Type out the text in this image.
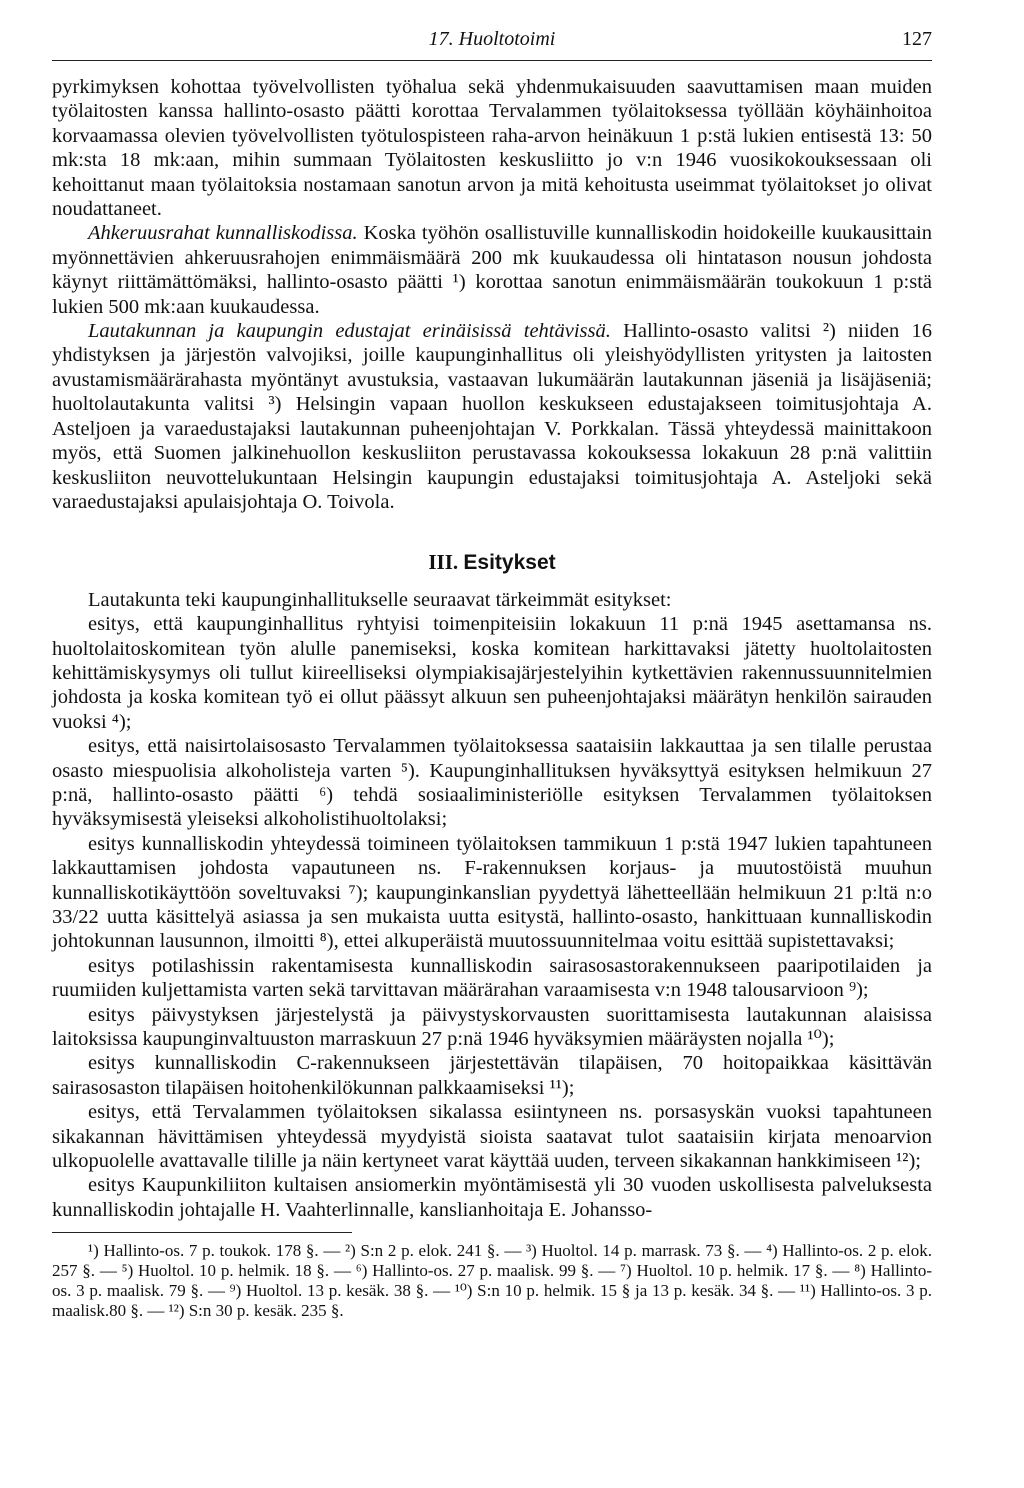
17. Huoltotoimi	127

pyrkimyksen kohottaa työvelvollisten työhalua sekä yhdenmukaisuuden saavuttamisen maan muiden työlaitosten kanssa hallinto-osasto päätti korottaa Tervalammen työlaitoksessa työllään köyhäinhoitoa korvaamassa olevien työvelvollisten työtulospisteen raha-arvon heinäkuun 1 p:stä lukien entisestä 13: 50 mk:sta 18 mk:aan, mihin summaan Työlaitosten keskusliitto jo v:n 1946 vuosikokouksessaan oli kehoittanut maan työlaitoksia nostamaan sanotun arvon ja mitä kehoitusta useimmat työlaitokset jo olivat noudattaneet.

Ahkeruusrahat kunnalliskodissa. Koska työhön osallistuville kunnalliskodin hoidokeille kuukausittain myönnettävien ahkeruusrahojen enimmäismäärä 200 mk kuukaudessa oli hintatason nousun johdosta käynyt riittämättömäksi, hallinto-osasto päätti ¹) korottaa sanotun enimmäismäärän toukokuun 1 p:stä lukien 500 mk:aan kuukaudessa.

Lautakunnan ja kaupungin edustajat erinäisissä tehtävissä. Hallinto-osasto valitsi ²) niiden 16 yhdistyksen ja järjestön valvojiksi, joille kaupunginhallitus oli yleishyödyllisten yritysten ja laitosten avustamismäärärahasta myöntänyt avustuksia, vastaavan lukumäärän lautakunnan jäseniä ja lisäjäseniä; huoltolautakunta valitsi ³) Helsingin vapaan huollon keskukseen edustajakseen toimitusjohtaja A. Asteljoen ja varaedustajaksi lautakunnan puheenjohtajan V. Porkkalan. Tässä yhteydessä mainittakoon myös, että Suomen jalkinehuollon keskusliiton perustavassa kokouksessa lokakuun 28 p:nä valittiin keskusliiton neuvottelukuntaan Helsingin kaupungin edustajaksi toimitusjohtaja A. Asteljoki sekä varaedustajaksi apulaisjohtaja O. Toivola.

III. Esitykset

Lautakunta teki kaupunginhallitukselle seuraavat tärkeimmät esitykset:

esitys, että kaupunginhallitus ryhtyisi toimenpiteisiin lokakuun 11 p:nä 1945 asettamansa ns. huoltolaitoskomitean työn alulle panemiseksi, koska komitean harkittavaksi jätetty huoltolaitosten kehittämiskysymys oli tullut kiireelliseksi olympiakisajärjestelyihin kytkettävien rakennussuunnitelmien johdosta ja koska komitean työ ei ollut päässyt alkuun sen puheenjohtajaksi määrätyn henkilön sairauden vuoksi ⁴);

esitys, että naisirtolaisosasto Tervalammen työlaitoksessa saataisiin lakkauttaa ja sen tilalle perustaa osasto miespuolisia alkoholisteja varten ⁵). Kaupunginhallituksen hyväksyttyä esityksen helmikuun 27 p:nä, hallinto-osasto päätti ⁶) tehdä sosiaaliministeriölle esityksen Tervalammen työlaitoksen hyväksymisestä yleiseksi alkoholistihuoltolaksi;

esitys kunnalliskodin yhteydessä toimineen työlaitoksen tammikuun 1 p:stä 1947 lukien tapahtuneen lakkauttamisen johdosta vapautuneen ns. F-rakennuksen korjaus- ja muutostöistä muuhun kunnalliskotikäyttöön soveltuvaksi ⁷); kaupunginkanslian pyydettyä lähetteellään helmikuun 21 p:ltä n:o 33/22 uutta käsittelyä asiassa ja sen mukaista uutta esitystä, hallinto-osasto, hankittuaan kunnalliskodin johtokunnan lausunnon, ilmoitti ⁸), ettei alkuperäistä muutossuunnitelmaa voitu esittää supistettavaksi;

esitys potilashissin rakentamisesta kunnalliskodin sairasosastorakennukseen paaripotilaiden ja ruumiiden kuljettamista varten sekä tarvittavan määrärahan varaamisesta v:n 1948 talousarvioon ⁹);

esitys päivystyksen järjestelystä ja päivystyskorvausten suorittamisesta lautakunnan alaisissa laitoksissa kaupunginvaltuuston marraskuun 27 p:nä 1946 hyväksymien määräysten nojalla ¹⁰);

esitys kunnalliskodin C-rakennukseen järjestettävän tilapäisen, 70 hoitopaikkaa käsittävän sairasosaston tilapäisen hoitohenkilökunnan palkkaamiseksi ¹¹);

esitys, että Tervalammen työlaitoksen sikalassa esiintyneen ns. porsasyskän vuoksi tapahtuneen sikakannan hävittämisen yhteydessä myydyistä sioista saatavat tulot saataisiin kirjata menoarvion ulkopuolelle avattavalle tilille ja näin kertyneet varat käyttää uuden, terveen sikakannan hankkimiseen ¹²);

esitys Kaupunkiliiton kultaisen ansiomerkin myöntämisestä yli 30 vuoden uskollisesta palveluksesta kunnalliskodin johtajalle H. Vaahterlinnalle, kanslianhoitaja E. Johansso-

¹) Hallinto-os. 7 p. toukok. 178 §. — ²) S:n 2 p. elok. 241 §. — ³) Huoltol. 14 p. marrask. 73 §. — ⁴) Hallinto-os. 2 p. elok. 257 §. — ⁵) Huoltol. 10 p. helmik. 18 §. — ⁶) Hallinto-os. 27 p. maalisk. 99 §. — ⁷) Huoltol. 10 p. helmik. 17 §. — ⁸) Hallinto-os. 3 p. maalisk. 79 §. — ⁹) Huoltol. 13 p. kesäk. 38 §. — ¹⁰) S:n 10 p. helmik. 15 § ja 13 p. kesäk. 34 §. — ¹¹) Hallinto-os. 3 p. maalisk.80 §. — ¹²) S:n 30 p. kesäk. 235 §.
